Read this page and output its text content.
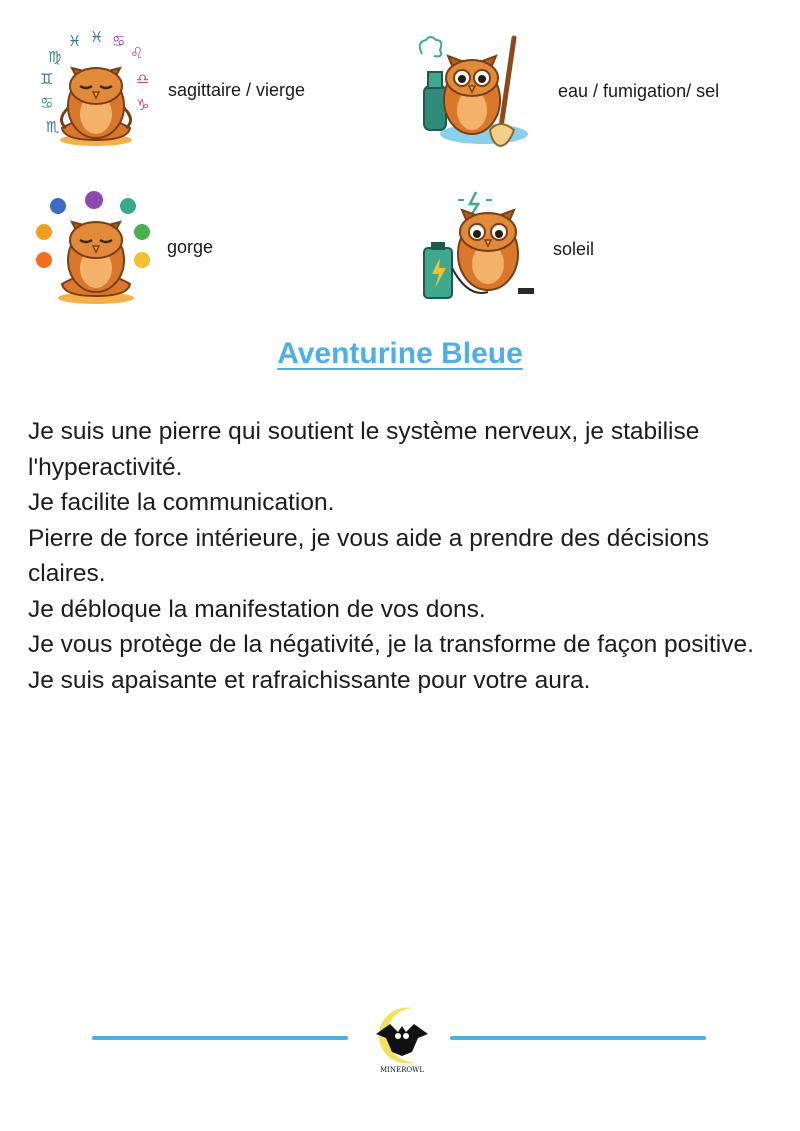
♍
♓ ♓ ♋
♌
♊	♎
♋	♑
♏
sagittaire / vierge	eau / fumigation/ sel
gorge	soleil
Aventurine Bleue

Je suis une pierre qui soutient le système nerveux, je stabilise l'hyperactivité.

Je facilite la communication.

Pierre de force intérieure, je vous aide a prendre des décisions claires.

Je débloque la manifestation de vos dons.

Je vous protège de la négativité, je la transforme de façon positive.

Je suis apaisante et rafraichissante pour votre aura.

MINEROWL
